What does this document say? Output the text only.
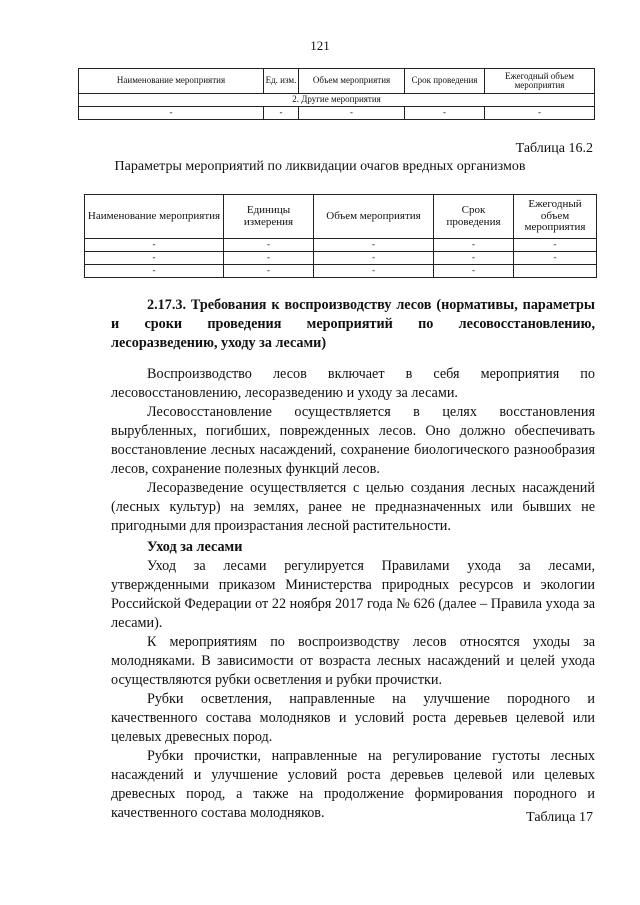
121
Наименование мероприятия	Ед. изм.	Объем мероприятия	Срок проведения	Ежегодный объем мероприятия
2. Другие мероприятия				
-	-	-	-	-
Таблица 16.2
Параметры мероприятий по ликвидации очагов вредных организмов
Наименование мероприятия	Единицы измерения	Объем мероприятия	Срок проведения	Ежегодный объем мероприятия
-	-	-	-	-
-	-	-	-	-
-	-	-	-	

2.17.3. Требования к воспроизводству лесов (нормативы, параметры и сроки проведения мероприятий по лесовосстановлению, лесоразведению, уходу за лесами)

Воспроизводство лесов включает в себя мероприятия по лесовосстановлению, лесоразведению и уходу за лесами.

Лесовосстановление осуществляется в целях восстановления вырубленных, погибших, поврежденных лесов. Оно должно обеспечивать восстановление лесных насаждений, сохранение биологического разнообразия лесов, сохранение полезных функций лесов.

Лесоразведение осуществляется с целью создания лесных насаждений (лесных культур) на землях, ранее не предназначенных или бывших не пригодными для произрастания лесной растительности.

Уход за лесами

Уход за лесами регулируется Правилами ухода за лесами, утвержденными приказом Министерства природных ресурсов и экологии Российской Федерации от 22 ноября 2017 года № 626 (далее – Правила ухода за лесами).

К мероприятиям по воспроизводству лесов относятся уходы за молодняками. В зависимости от возраста лесных насаждений и целей ухода осуществляются рубки осветления и рубки прочистки.

Рубки осветления, направленные на улучшение породного и качественного состава молодняков и условий роста деревьев целевой или целевых древесных пород.

Рубки прочистки, направленные на регулирование густоты лесных насаждений и улучшение условий роста деревьев целевой или целевых древесных пород, а также на продолжение формирования породного и качественного состава молодняков.	Таблица 17
